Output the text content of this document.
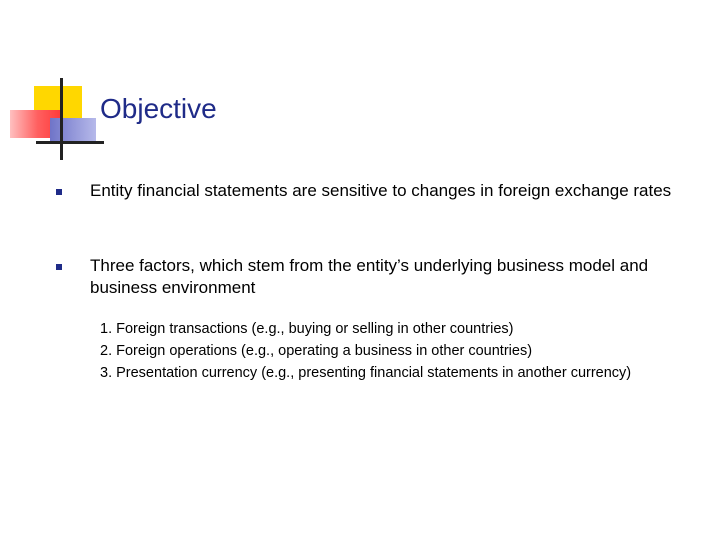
Objective
Entity financial statements are sensitive to changes in foreign exchange rates
Three factors, which stem from the entity’s underlying business model and business environment
1. Foreign transactions (e.g., buying or selling in other countries)
2. Foreign operations (e.g., operating a business in other countries)
3. Presentation currency (e.g., presenting financial statements in another currency)
